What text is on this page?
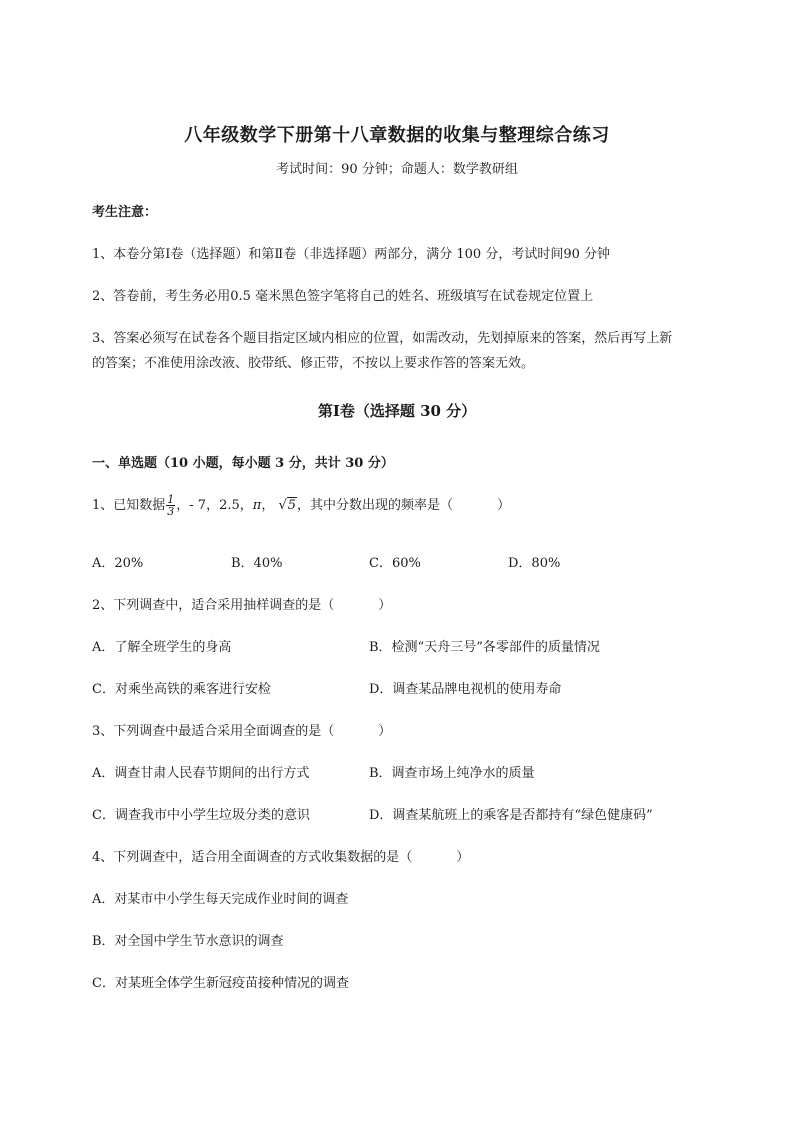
八年级数学下册第十八章数据的收集与整理综合练习
考试时间：90 分钟；命题人：数学教研组
考生注意：
1、本卷分第Ⅰ卷（选择题）和第Ⅱ卷（非选择题）两部分，满分 100 分，考试时间90 分钟
2、答卷前，考生务必用0.5 毫米黑色签字笔将自己的姓名、班级填写在试卷规定位置上
3、答案必须写在试卷各个题目指定区域内相应的位置，如需改动，先划掉原来的答案，然后再写上新
的答案；不准使用涂改液、胶带纸、修正带，不按以上要求作答的答案无效。
第Ⅰ卷（选择题 30 分）
一、单选题（10 小题，每小题 3 分，共计 30 分）
1、已知数据 $\frac{1}{3}$ ，- 7，2.5，π， √5，其中分数出现的频率是（	）
A．20%	B．40%	C．60%	D．80%
2、下列调查中，适合采用抽样调查的是（	）
A．了解全班学生的身高	B．检测“天舟三号”各零部件的质量情况
C．对乘坐高铁的乘客进行安检	D．调查某品牌电视机的使用寿命
3、下列调查中最适合采用全面调查的是（	）
A．调查甘肃人民春节期间的出行方式	B．调查市场上纯净水的质量
C．调查我市中小学生垃圾分类的意识	D．调查某航班上的乘客是否都持有“绿色健康码”
4、下列调查中，适合用全面调查的方式收集数据的是（	）
A．对某市中小学生每天完成作业时间的调查
B．对全国中学生节水意识的调查
C．对某班全体学生新冠疫苗接种情况的调查
